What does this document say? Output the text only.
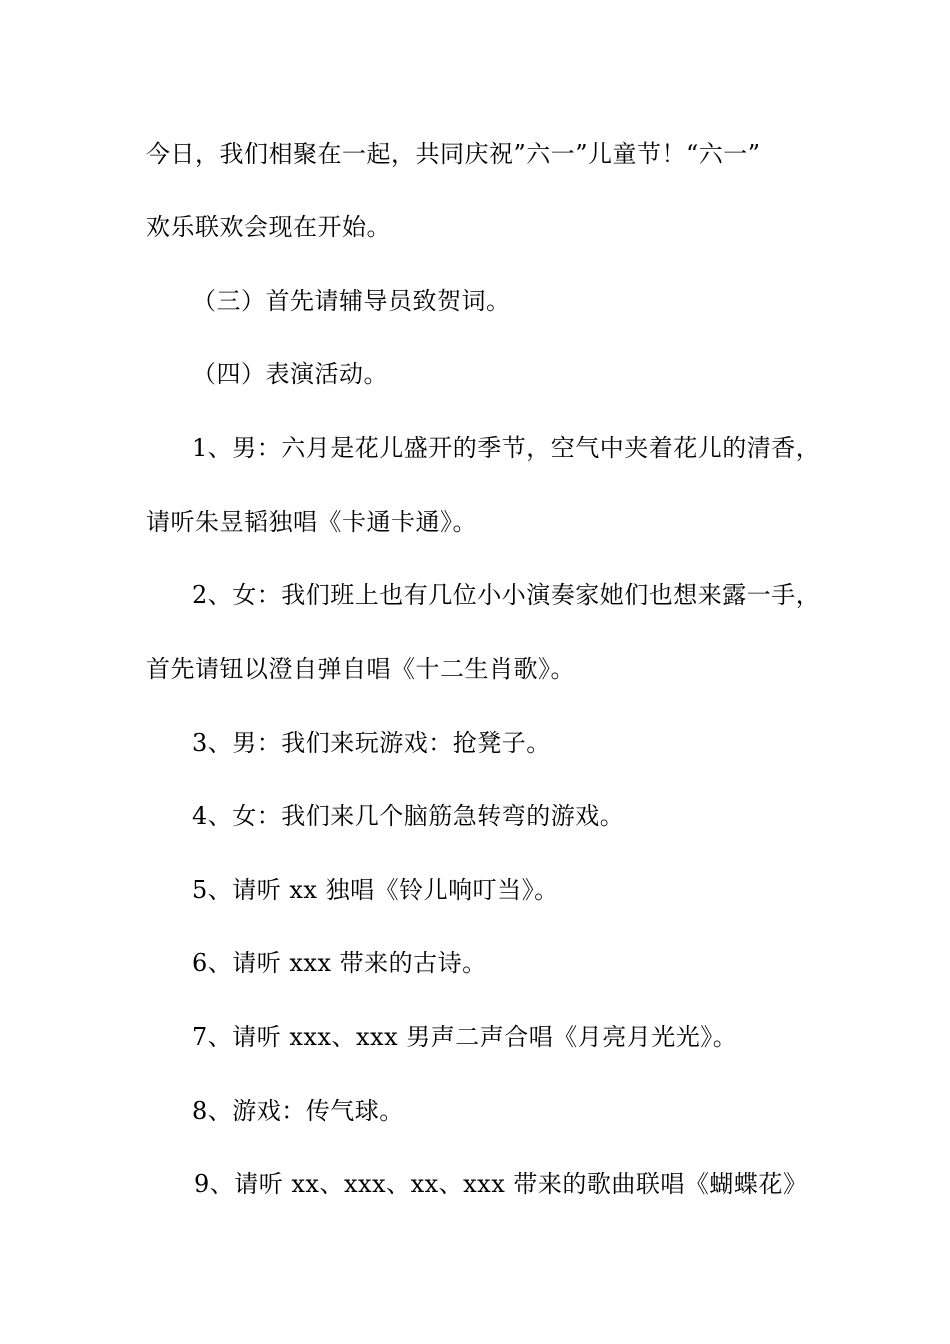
今日，我们相聚在一起，共同庆祝”六一”儿童节！“六一”
欢乐联欢会现在开始。
（三）首先请辅导员致贺词。
（四）表演活动。
1、男：六月是花儿盛开的季节，空气中夹着花儿的清香，
请听朱昱韬独唱《卡通卡通》。
2、女：我们班上也有几位小小演奏家她们也想来露一手，
首先请钮以澄自弹自唱《十二生肖歌》。
3、男：我们来玩游戏：抢凳子。
4、女：我们来几个脑筋急转弯的游戏。
5、请听 xx 独唱《铃儿响叮当》。
6、请听 xxx 带来的古诗。
7、请听 xxx、xxx 男声二声合唱《月亮月光光》。
8、游戏：传气球。
9、请听 xx、xxx、xx、xxx 带来的歌曲联唱《蝴蝶花》
